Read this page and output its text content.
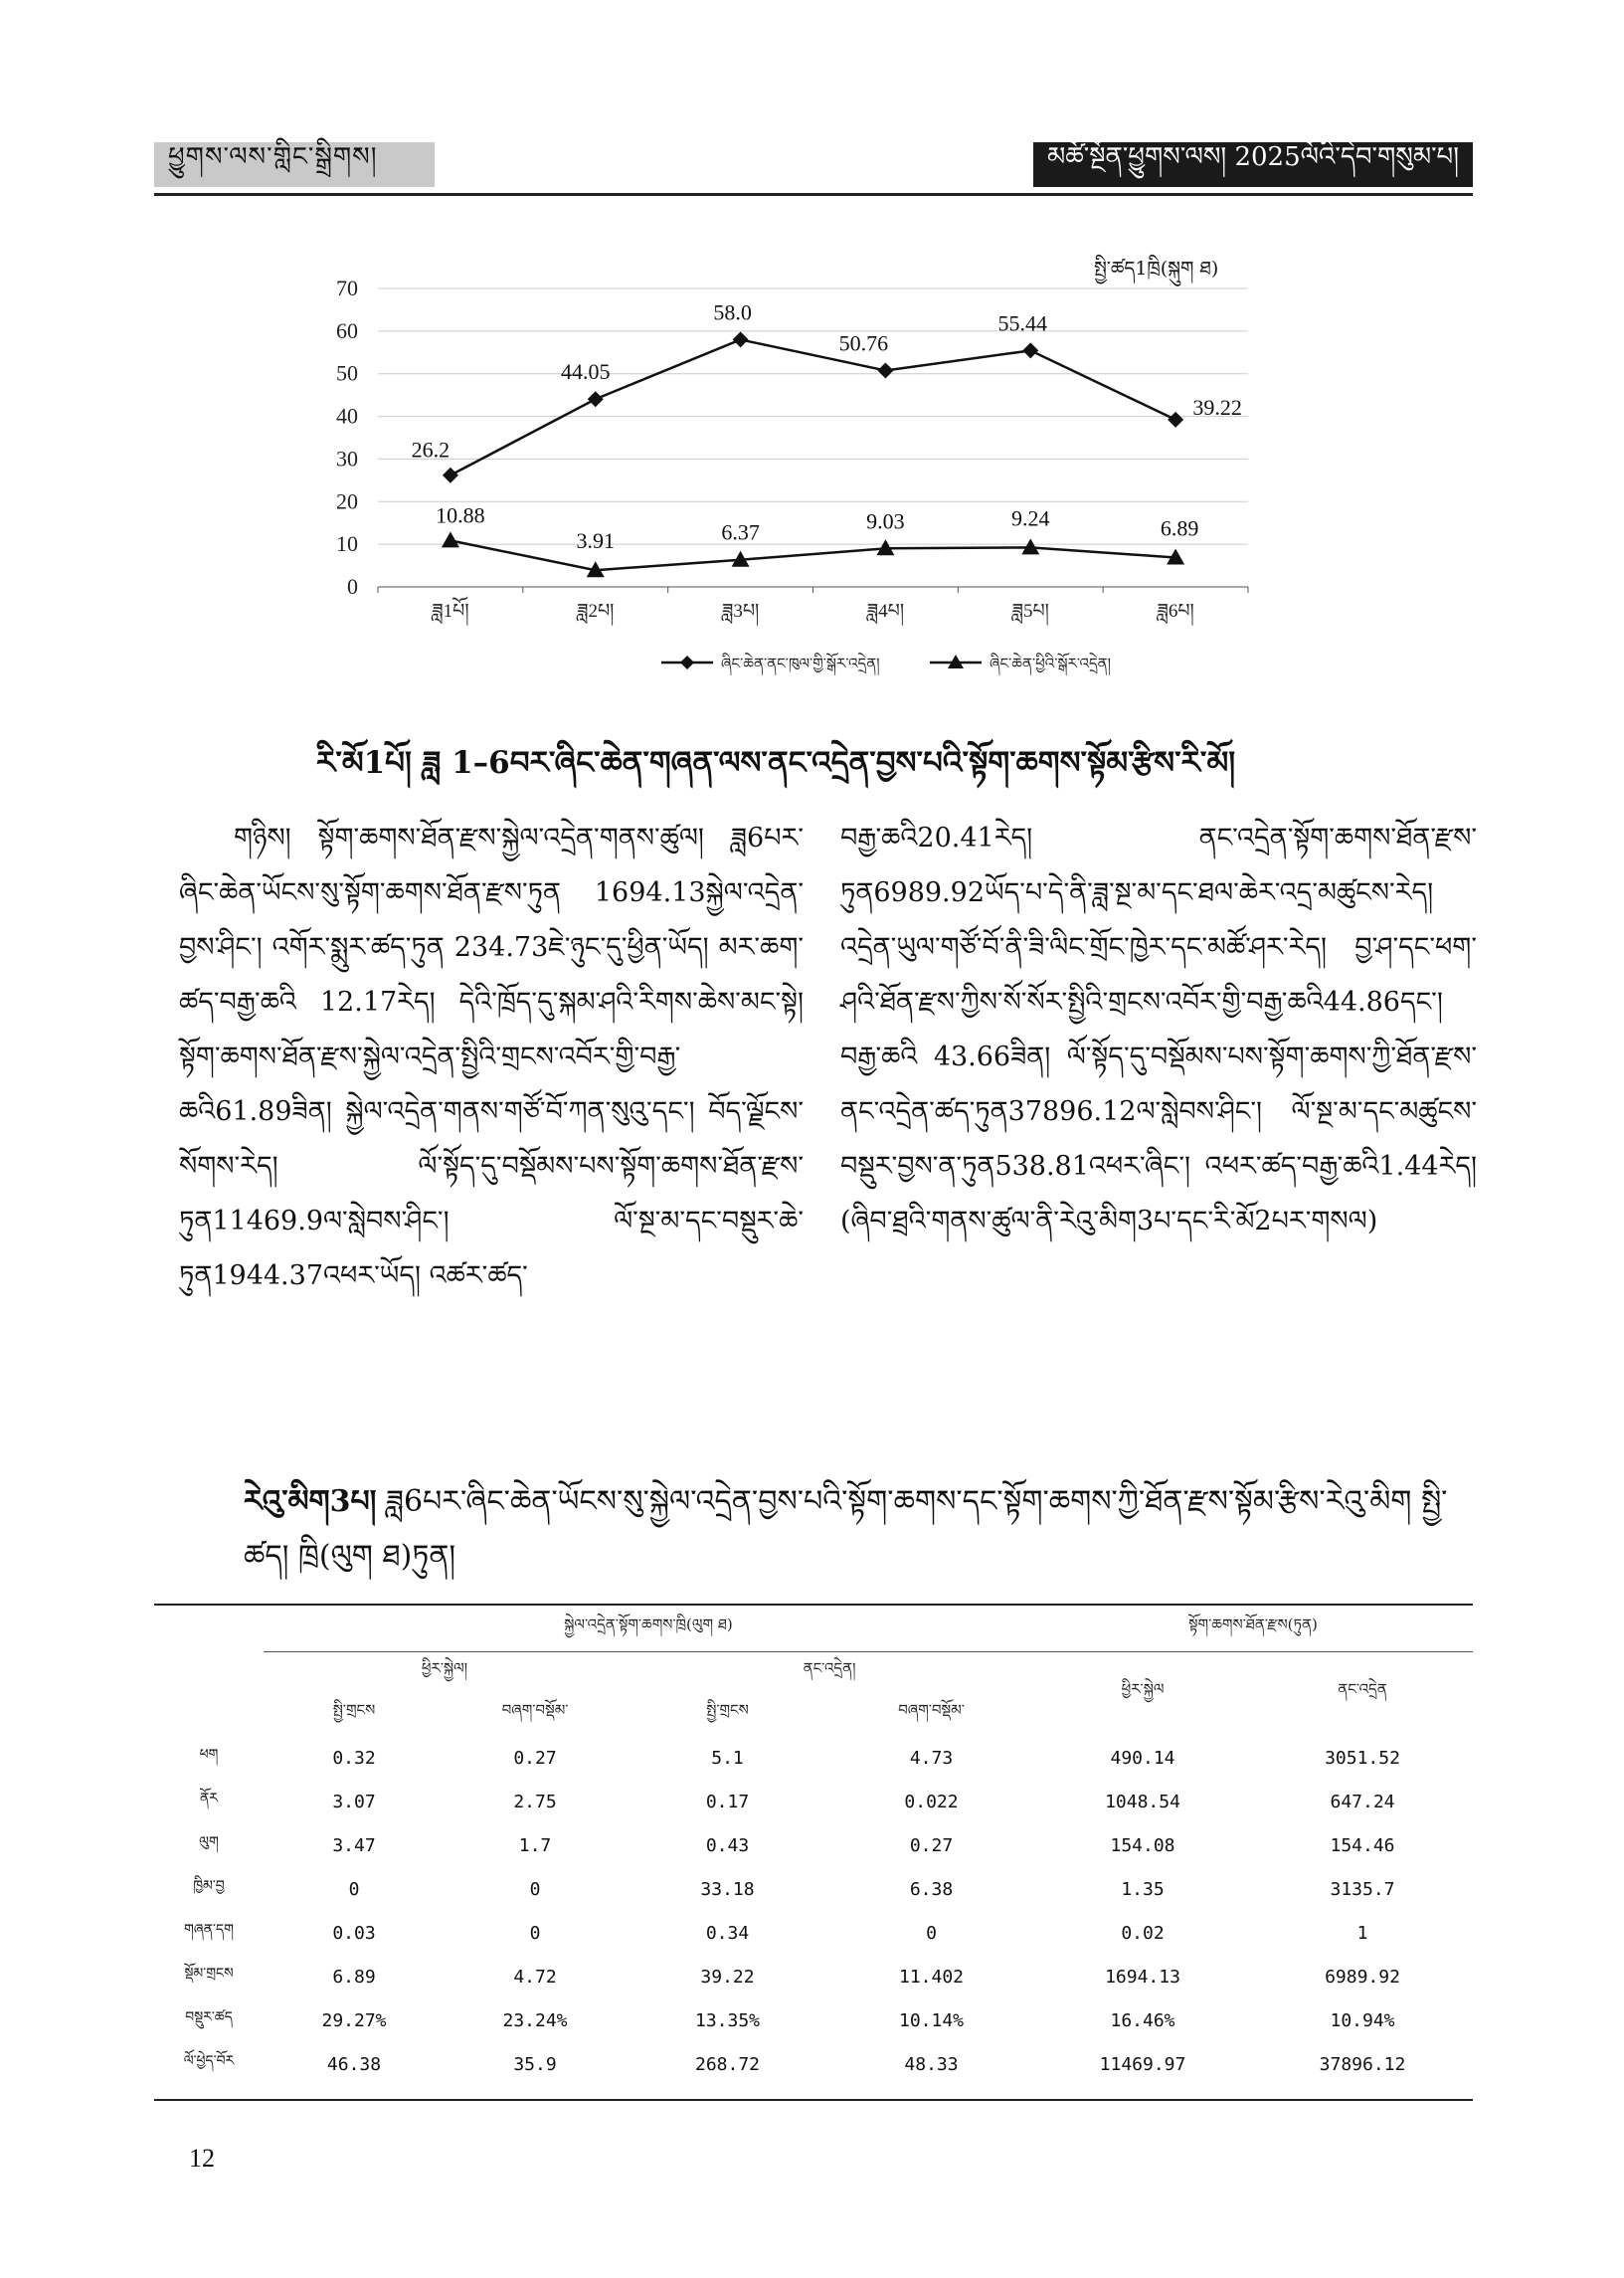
ཕྱུགས་ལས་གླིང་སྒྲིགས།	མཚོ་སྔོན་ཕྱུགས་ལས། 2025ལོའི་དེབ་གསུམ་པ།
སྤྱི་ཚད1ཁྲི(སྐུག ཐ)
0
10
20
30
40
50
60
70
ཟླ1པོ།	ཟླ2པ།	ཟླ3པ།	ཟླ4པ།	ཟླ5པ།	ཟླ6པ།
26.2
44.05
58.0
50.76
55.44
39.22
10.88
3.91	6.37	9.03	9.24	6.89
ཞིང་ཆེན་ནང་ཁུལ་གྱི་སྒོར་འདྲེན།	ཞིང་ཆེན་ཕྱིའི་སྒོར་འདྲེན།
རི་མོ1པོ། ཟླ 1–6བར་ཞིང་ཆེན་གཞན་ལས་ནང་འདྲེན་བྱས་པའི་སྟོག་ཆགས་སྟོམ་རྩིས་རི་མོ།

གཉིས། སྟོག་ཆགས་ཐོན་རྫས་སྐྱེལ་འདྲེན་གནས་ཚུལ། ཟླ6པར་ཞིང་ཆེན་ཡོངས་སུ་སྟོག་ཆགས་ཐོན་རྫས་ཏུན 1694.13སྐྱེལ་འདྲེན་བྱས་ཤིང་། འགོར་སྨུར་ཚད་ཏུན 234.73ཇེ་ཉུང་དུ་ཕྱིན་ཡོད། མར་ཆག་ཚད་བརྒྱ་ཆའི 12.17རེད། དེའི་ཁྲོད་དུ་སྐམ་ཤའི་རིགས་ཆེས་མང་སྟེ། སྟོག་ཆགས་ཐོན་རྫས་སྐྱེལ་འདྲེན་སྤྱིའི་གྲངས་འབོར་གྱི་བརྒྱ་ཆའི61.89ཟིན། སྐྱེལ་འདྲེན་གནས་གཙོ་བོ་ཀན་སུའུ་དང་། བོད་ལྗོངས་སོགས་རེད། ལོ་སྟོད་དུ་བསྡོམས་པས་སྟོག་ཆགས་ཐོན་རྫས་ཏུན11469.9ལ་སླེབས་ཤིང་། ལོ་སྔ་མ་དང་བསྡུར་ཆེ་ཏུན1944.37འཕར་ཡོད། འཚར་ཚད་

བརྒྱ་ཆའི20.41རེད། ནང་འདྲེན་སྟོག་ཆགས་ཐོན་རྫས་ཏུན6989.92ཡོད་པ་དེ་ནི་ཟླ་སྔ་མ་དང་ཐལ་ཆེར་འདྲ་མཚུངས་རེད། འདྲེན་ཡུལ་གཙོ་བོ་ནི་ཟི་ལིང་གྲོང་ཁྱེར་དང་མཚོ་ཤར་རེད། བྱ་ཤ་དང་ཕག་ཤའི་ཐོན་རྫས་ཀྱིས་སོ་སོར་སྤྱིའི་གྲངས་འབོར་གྱི་བརྒྱ་ཆའི44.86དང་། བརྒྱ་ཆའི 43.66ཟིན། ལོ་སྟོད་དུ་བསྡོམས་པས་སྟོག་ཆགས་ཀྱི་ཐོན་རྫས་ནང་འདྲེན་ཚད་ཏུན37896.12ལ་སླེབས་ཤིང་། ལོ་སྔ་མ་དང་མཚུངས་བསྡུར་བྱས་ན་ཏུན538.81འཕར་ཞིང་། འཕར་ཚད་བརྒྱ་ཆའི1.44རེད། (ཞིབ་ཐྲའི་གནས་ཚུལ་ནི་རེའུ་མིག3པ་དང་རི་མོ2པར་གསལ)

རེའུ་མིག3པ། ཟླ6པར་ཞིང་ཆེན་ཡོངས་སུ་སྐྱེལ་འདྲེན་བྱས་པའི་སྟོག་ཆགས་དང་སྟོག་ཆགས་ཀྱི་ཐོན་རྫས་སྟོམ་རྩིས་རེའུ་མིག སྤྱི་ཚད། ཁྲི(ལུག ཐ)ཏུན།
	སྐྱེལ་འདྲེན་སྟོག་ཆགས་ཁྲི(ལུག ཐ)				སྟོག་ཆགས་ཐོན་རྫས(ཏུན)	
	ཕྱིར་སྐྱེལ།		ནང་འདྲེན།		ཕྱིར་སྐྱེལ	ནང་འདྲེན
	སྤྱི་གྲངས	བཞག་བསྡོམ་	སྤྱི་གྲངས	བཞག་བསྡོམ་		
ཕག	0.32	0.27	5.1	4.73	490.14	3051.52
ནོར	3.07	2.75	0.17	0.022	1048.54	647.24
ལུག	3.47	1.7	0.43	0.27	154.08	154.46
ཁྱིམ་བྱ	0	0	33.18	6.38	1.35	3135.7
གཞན་དག	0.03	0	0.34	0	0.02	1
སྡོམ་གྲངས	6.89	4.72	39.22	11.402	1694.13	6989.92
བསྡུར་ཚད	29.27%	23.24%	13.35%	10.14%	16.46%	10.94%
ལོ་ཕྱེད་བོར	46.38	35.9	268.72	48.33	11469.97	37896.12
12
